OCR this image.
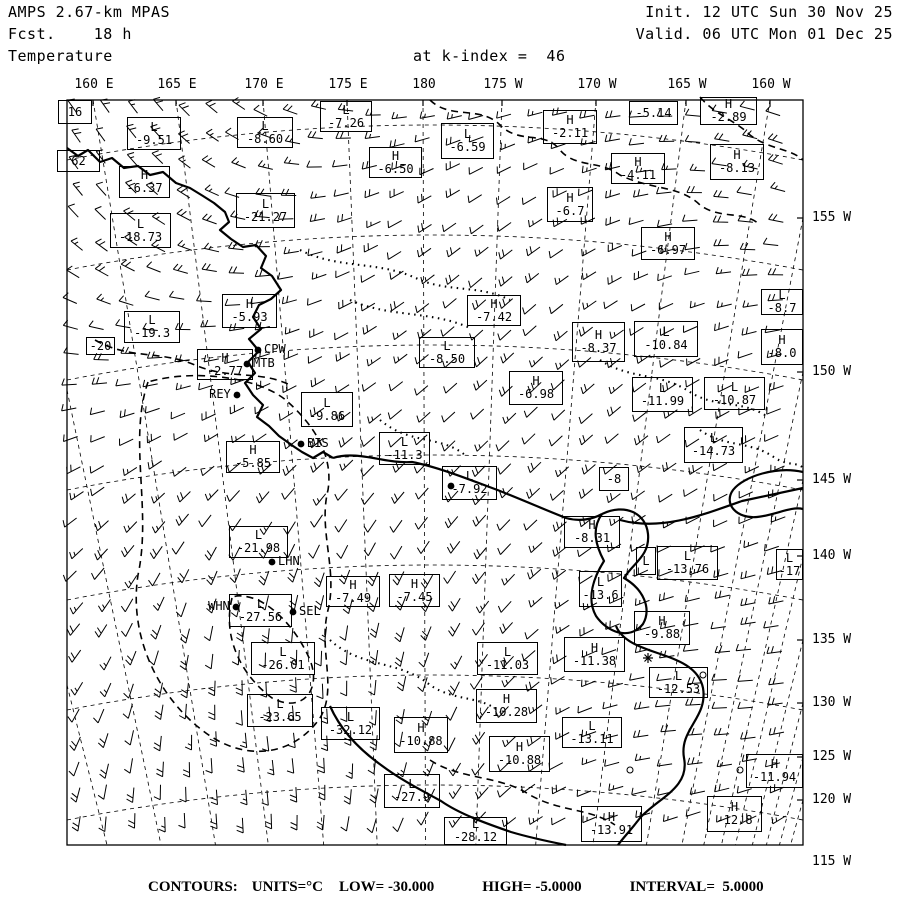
AMPS 2.67-km MPAS
Fcst.    18 h
Temperature
Init. 12 UTC Sun 30 Nov 25
Valid. 06 UTC Mon 01 Dec 25
at k-index =  46
160 E	165 E	170 E	175 E	180	175 W	170 W	165 W	160 W
155 W
150 W
145 W
140 W
135 W
130 W
125 W
120 W
115 W
16
L
-9.51
L
-8.60
L
-7.26
H
-6.50
L
-6.59
H
-2.11
-5.14
H
-2.89
H
-4.11
H
-8.13
H
-6.7
H
-6.97
62
H
-6.37
L
-18.73
L
-21.27
L
-19.3
-20
H
-5.93
H
-2.77
L
-9.86
H
-5.85
H
-7.42
L
-8.50
H
-6.98
L
-11.3
L
-7.92
H
-8.37
L
-10.84
L
-8.7
H
-8.0
L
-11.99
L
-10.87
L
-14.73
-8
H
-8.31
L
-13.6
L	L
-13.76
L
-17
L
-21.98
L
-27.56
H
-7.49
H
-7.45
L
-26.01
L
-23.65	L
-32.12
L
-11.03
H
-11.38
H
-9.88
L
-12.53
H
-10.28
H
-10.88	H
-10.88
L
-13.11
L
-27.9
H
-13.91
H
-12.8
H
-11.94
L
-28.12
CPW
MTB
REY
BIS
LHN
WHN	SEL
CONTOURS: UNITS=°C LOW= -30.000	HIGH= -5.0000	INTERVAL=  5.0000
